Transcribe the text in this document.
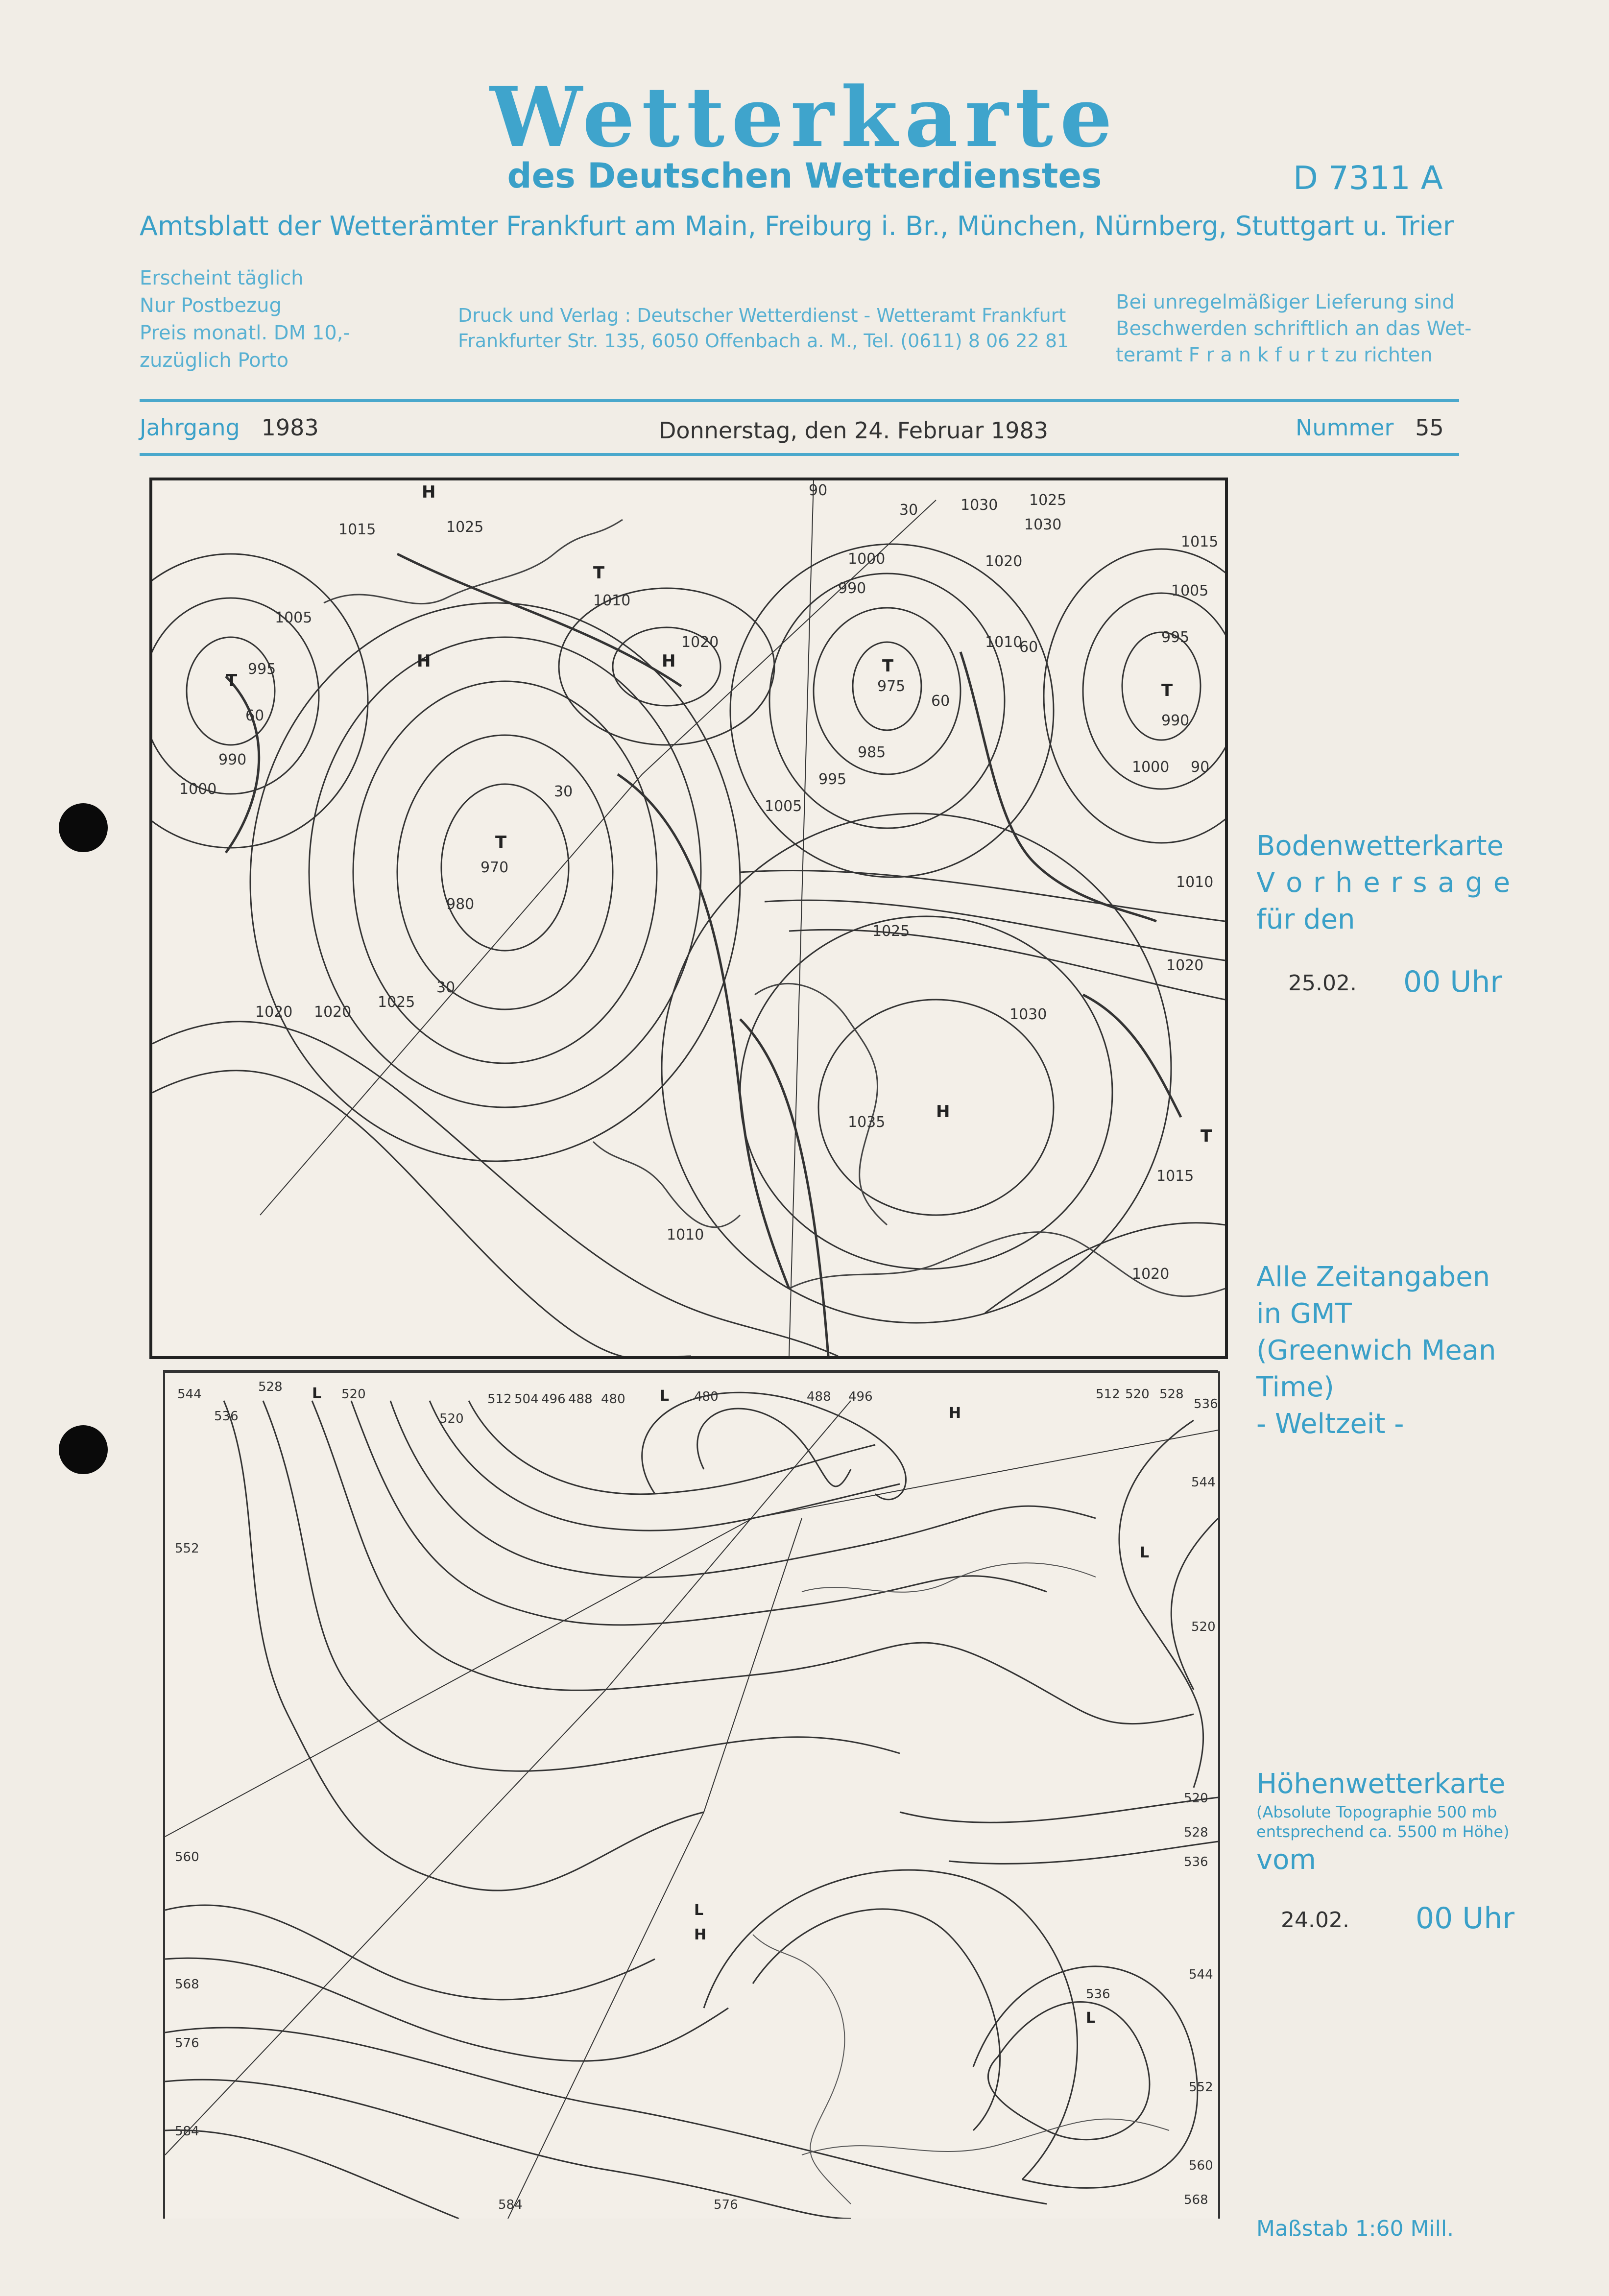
Wetterkarte
des Deutschen Wetterdienstes	D 7311 A
Amtsblatt der Wetterämter Frankfurt am Main, Freiburg i. Br., München, Nürnberg, Stuttgart u. Trier
Erscheint täglich
Nur Postbezug
Preis monatl. DM 10,-
zuzüglich Porto
Druck und Verlag : Deutscher Wetterdienst - Wetteramt Frankfurt
Frankfurter Str. 135, 6050 Offenbach a. M., Tel. (0611) 8 06 22 81
Bei unregelmäßiger Lieferung sind
Beschwerden schriftlich an das Wet-
teramt F r a n k f u r t zu richten
Jahrgang 1983	Donnerstag, den 24. Februar 1983	Nummer 55
1015	1025
1010
1020
1005
995
990
1000
60
970
980
30
1030 1025
1020
1000
990
975
985
995
1005
1010
1015
1035
1030
1025
1020
1010
1015
1020
1005
995
990
1000
1030
1025
1020 1020
1010
90
90
30
60
60
30
T
T
T
H
H
T
T
H
H
T
Bodenwetterkarte
V o r h e r s a g e
für den
25.02. 00 Uhr
Alle Zeitangaben
in GMT
(Greenwich Mean
Time)
- Weltzeit -
528
544
536
520	512 504 496 488 480
520
552
560
568
576
584
584	576
480	488 496	512 520 528
536
544
520
520
528
536
544
552
560
568
536
L	L
H
L
L
H
L
Höhenwetterkarte
(Absolute Topographie 500 mb
entsprechend ca. 5500 m Höhe)
vom
24.02. 00 Uhr
Maßstab 1:60 Mill.
